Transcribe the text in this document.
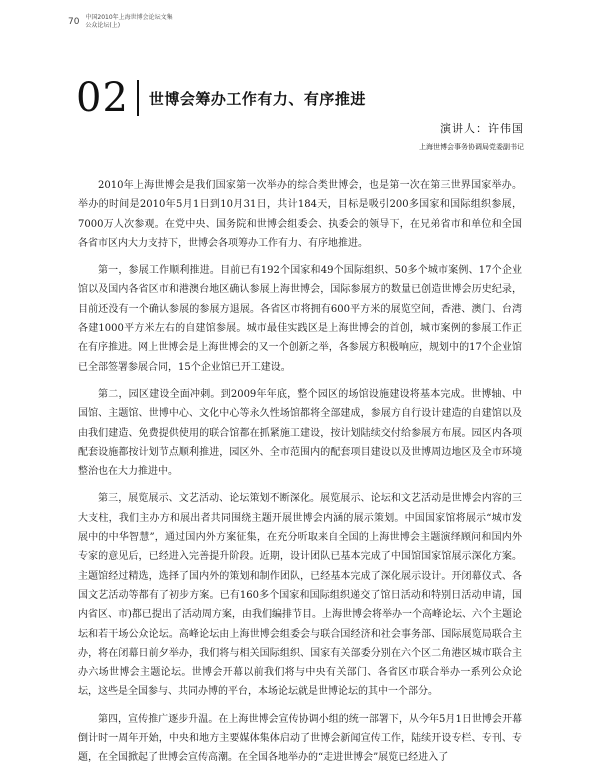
70 中国2010年上海世博会论坛文集
公众论坛(上)
02 世博会筹办工作有力、有序推进
演讲人：许伟国
上海世博会事务协调局党委副书记

2010年上海世博会是我们国家第一次举办的综合类世博会，也是第一次在第三世界国家举办。举办的时间是2010年5月1日到10月31日，共计184天，目标是吸引200多国家和国际组织参展，7000万人次参观。在党中央、国务院和世博会组委会、执委会的领导下，在兄弟省市和单位和全国各省市区内大力支持下，世博会各项筹办工作有力、有序地推进。

第一，参展工作顺利推进。目前已有192个国家和49个国际组织、50多个城市案例、17个企业馆以及国内各省区市和港澳台地区确认参展上海世博会，国际参展方的数量已创造世博会历史纪录，目前还没有一个确认参展的参展方退展。各省区市将拥有600平方米的展览空间，香港、澳门、台湾各建1000平方米左右的自建馆参展。城市最佳实践区是上海世博会的首创，城市案例的参展工作正在有序推进。网上世博会是上海世博会的又一个创新之举，各参展方积极响应，规划中的17个企业馆已全部签署参展合同，15个企业馆已开工建设。

第二，园区建设全面冲刺。到2009年年底，整个园区的场馆设施建设将基本完成。世博轴、中国馆、主题馆、世博中心、文化中心等永久性场馆都将全部建成，参展方自行设计建造的自建馆以及由我们建造、免费提供使用的联合馆都在抓紧施工建设，按计划陆续交付给参展方布展。园区内各项配套设施都按计划节点顺利推进，园区外、全市范围内的配套项目建设以及世博周边地区及全市环境整治也在大力推进中。

第三，展览展示、文艺活动、论坛策划不断深化。展览展示、论坛和文艺活动是世博会内容的三大支柱，我们主办方和展出者共同围绕主题开展世博会内涵的展示策划。中国国家馆将展示“城市发展中的中华智慧”，通过国内外方案征集，在充分听取来自全国的上海世博会主题演绎顾问和国内外专家的意见后，已经进入完善提升阶段。近期，设计团队已基本完成了中国馆国家馆展示深化方案。主题馆经过精选，选择了国内外的策划和制作团队，已经基本完成了深化展示设计。开闭幕仪式、各国文艺活动等都有了初步方案。已有160多个国家和国际组织递交了馆日活动和特别日活动申请，国内省区、市)都已提出了活动周方案，由我们编排节目。上海世博会将举办一个高峰论坛、六个主题论坛和若干场公众论坛。高峰论坛由上海世博会组委会与联合国经济和社会事务部、国际展览局联合主办，将在闭幕日前夕举办，我们将与相关国际组织、国家有关部委分别在六个区二角港区城市联合主办六场世博会主题论坛。世博会开幕以前我们将与中央有关部门、各省区市联合举办一系列公众论坛，这些是全国参与、共同办博的平台，本场论坛就是世博论坛的其中一个部分。

第四，宣传推广逐步升温。在上海世博会宣传协调小组的统一部署下，从今年5月1日世博会开幕倒计时一周年开始，中央和地方主要媒体集体启动了世博会新闻宣传工作，陆续开设专栏、专刊、专题，在全国掀起了世博会宣传高潮。在全国各地举办的“走进世博会”展览已经进入了
